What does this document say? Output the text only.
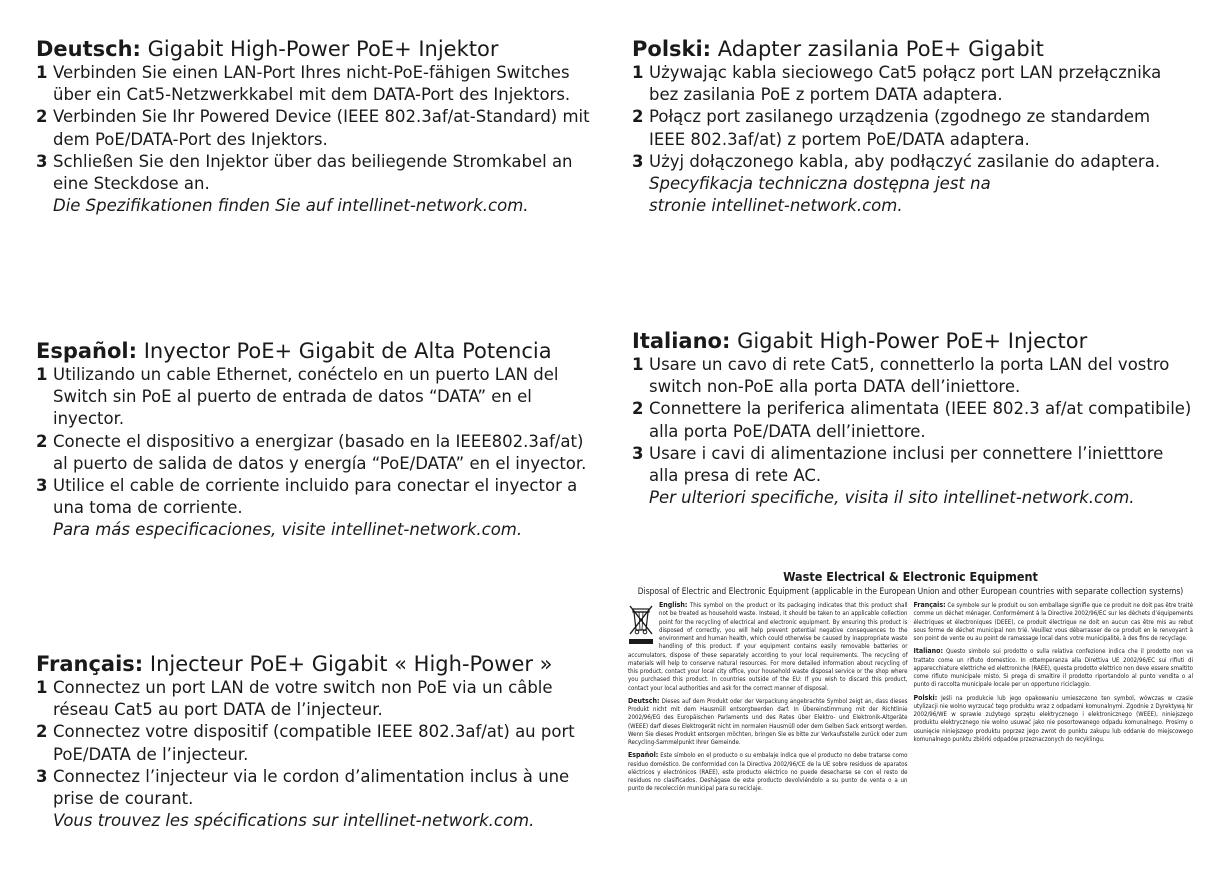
Deutsch: Gigabit High-Power PoE+ Injektor
1 Verbinden Sie einen LAN-Port Ihres nicht-PoE-fähigen Switches über ein Cat5-Netzwerkkabel mit dem DATA-Port des Injektors.
2 Verbinden Sie Ihr Powered Device (IEEE 802.3af/at-Standard) mit dem PoE/DATA-Port des Injektors.
3 Schließen Sie den Injektor über das beiliegende Stromkabel an eine Steckdose an.
Die Spezifikationen finden Sie auf intellinet-network.com.
Polski: Adapter zasilania PoE+ Gigabit
1 Używając kabla sieciowego Cat5 połącz port LAN przełącznika bez zasilania PoE z portem DATA adaptera.
2 Połącz port zasilanego urządzenia (zgodnego ze standardem IEEE 802.3af/at) z portem PoE/DATA adaptera.
3 Użyj dołączonego kabla, aby podłączyć zasilanie do adaptera.
Specyfikacja techniczna dostępna jest na stronie intellinet-network.com.
Español: Inyector PoE+ Gigabit de Alta Potencia
1 Utilizando un cable Ethernet, conéctelo en un puerto LAN del Switch sin PoE al puerto de entrada de datos “DATA” en el inyector.
2 Conecte el dispositivo a energizar (basado en la IEEE802.3af/at) al puerto de salida de datos y energía “PoE/DATA” en el inyector.
3 Utilice el cable de corriente incluido para conectar el inyector a una toma de corriente.
Para más especificaciones, visite intellinet-network.com.
Italiano: Gigabit High-Power PoE+ Injector
1 Usare un cavo di rete Cat5, connetterlo la porta LAN del vostro switch non-PoE alla porta DATA dell’iniettore.
2 Connettere la periferica alimentata (IEEE 802.3 af/at compatibile) alla porta PoE/DATA dell’iniettore.
3 Usare i cavi di alimentazione inclusi per connettere l’inietttore alla presa di rete AC.
Per ulteriori specifiche, visita il sito intellinet-network.com.
Français: Injecteur PoE+ Gigabit « High-Power »
1 Connectez un port LAN de votre switch non PoE via un câble réseau Cat5 au port DATA de l’injecteur.
2 Connectez votre dispositif (compatible IEEE 802.3af/at) au port PoE/DATA de l’injecteur.
3 Connectez l’injecteur via le cordon d’alimentation inclus à une prise de courant.
Vous trouvez les spécifications sur intellinet-network.com.
Waste Electrical & Electronic Equipment
Disposal of Electric and Electronic Equipment (applicable in the European Union and other European countries with separate collection systems)

English: This symbol on the product or its packaging indicates that this product shall not be treated as household waste. Instead, it should be taken to an applicable collection point for the recycling of electrical and electronic equipment. By ensuring this product is disposed of correctly, you will help prevent potential negative consequences to the environment and human health, which could otherwise be caused by inappropriate waste handling of this product. If your equipment contains easily removable batteries or accumulators, dispose of these separately according to your local requirements. The recycling of materials will help to conserve natural resources. For more detailed information about recycling of this product, contact your local city office, your household waste disposal service or the shop where you purchased this product. In countries outside of the EU: If you wish to discard this product, contact your local authorities and ask for the correct manner of disposal.

Deutsch: Dieses auf dem Produkt oder der Verpackung angebrachte Symbol zeigt an, dass dieses Produkt nicht mit dem Hausmüll entsorgtwerden darf. In Übereinstimmung mit der Richtlinie 2002/96/EG des Europäischen Parlaments und des Rates über Elektro- und Elektronik-Altgeräte (WEEE) darf dieses Elektrogerät nicht im normalen Hausmüll oder dem Gelben Sack entsorgt werden. Wenn Sie dieses Produkt entsorgen möchten, bringen Sie es bitte zur Verkaufsstelle zurück oder zum Recycling-Sammelpunkt Ihrer Gemeinde.

Español: Este símbolo en el producto o su embalaje indica que el producto no debe tratarse como residuo doméstico. De conformidad con la Directiva 2002/96/CE de la UE sobre residuos de aparatos eléctricos y electrónicos (RAEE), este producto eléctrico no puede desecharse se con el resto de residuos no clasificados. Deshágase de este producto devolviéndolo a su punto de venta o a un punto de recolección municipal para su reciclaje.

Français: Ce symbole sur le produit ou son emballage signifie que ce produit ne doit pas être traité comme un déchet ménager. Conformément à la Directive 2002/96/EC sur les déchets d’équipements électriques et électroniques (DEEE), ce produit électrique ne doit en aucun cas être mis au rebut sous forme de déchet municipal non trié. Veuillez vous débarrasser de ce produit en le renvoyant à son point de vente ou au point de ramassage local dans votre municipalité, à des fins de recyclage.

Italiano: Questo simbolo sui prodotto o sulla relativa confezione indica che il prodotto non va trattato come un rifiuto domestico. In ottemperanza alla Direttiva UE 2002/96/EC sui rifiuti di apparecchiature elettriche ed elettroniche (RAEE), questa prodotto elettrico non deve essere smaltito come rifiuto municipale misto. Si prega di smaltire il prodotto riportandolo al punto vendita o al punto di raccolta municipale locale per un opportuno riciclaggio.

Polski: Jeśli na produkcie lub jego opakowaniu umieszczono ten symbol, wówczas w czasie utylizacji nie wolno wyrzucać tego produktu wraz z odpadami komunalnymi. Zgodnie z Dyrektywą Nr 2002/96/WE w sprawie zużytego sprzętu elektrycznego i elektronicznego (WEEE), niniejszego produktu elektrycznego nie wolno usuwać jako nie posortowanego odpadu komunalnego. Prosimy o usunięcie niniejszego produktu poprzez jego zwrot do punktu zakupu lub oddanie do miejscowego komunalnego punktu zbiórki odpadów przeznaczonych do recyklingu.
